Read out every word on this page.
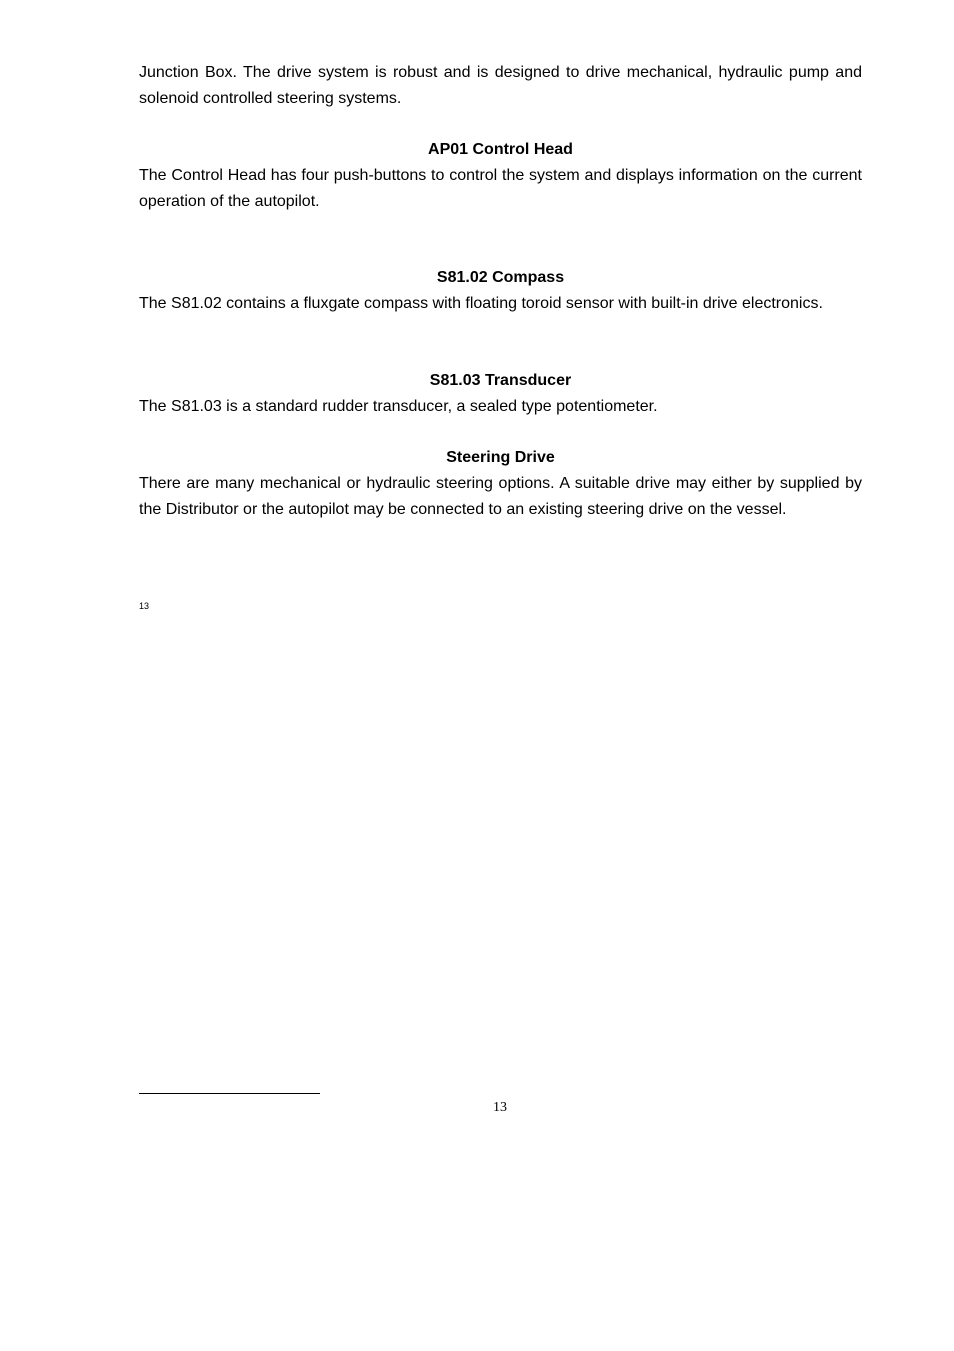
Junction Box. The drive system is robust and is designed to drive mechanical, hydraulic pump and solenoid controlled steering systems.

AP01 Control Head

The Control Head has four push-buttons to control the system and displays information on the current operation of the autopilot.

S81.02 Compass

The S81.02 contains a fluxgate compass with floating toroid sensor with built-in drive electronics.

S81.03 Transducer

The S81.03 is a standard rudder transducer, a sealed type potentiometer.

Steering Drive

There are many mechanical or hydraulic steering options. A suitable drive may either by supplied by the Distributor or the autopilot may be connected to an existing steering drive on the vessel.

13
13
